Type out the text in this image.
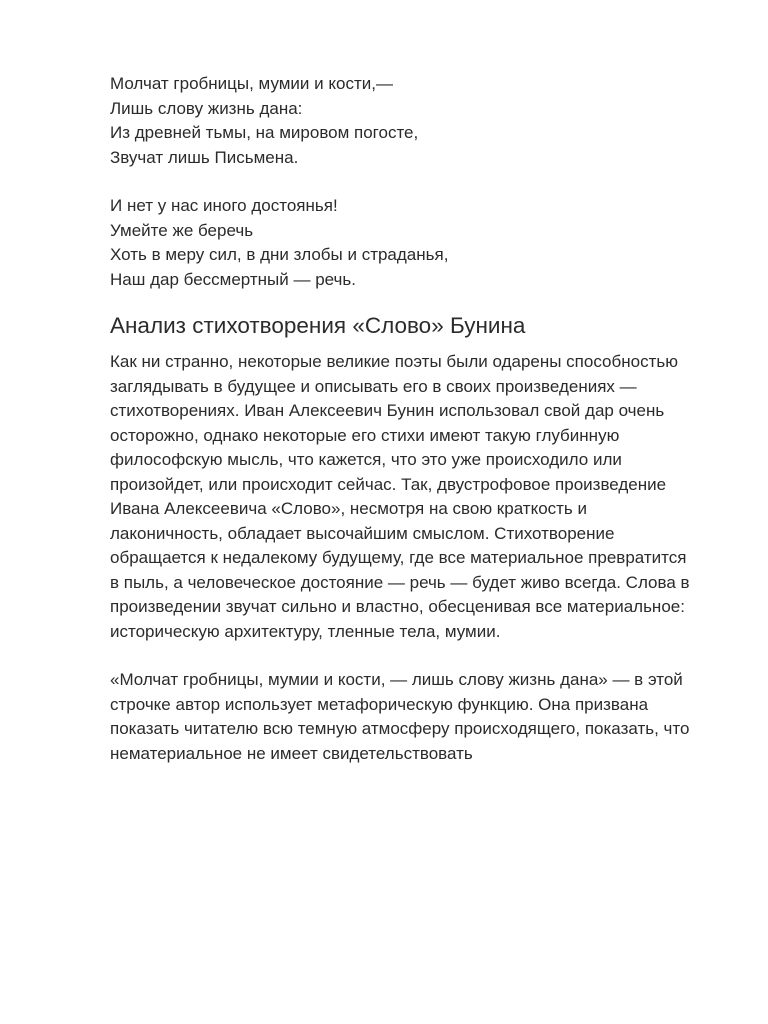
Молчат гробницы, мумии и кости,—
Лишь слову жизнь дана:
Из древней тьмы, на мировом погосте,
Звучат лишь Письмена.

И нет у нас иного достоянья!
Умейте же беречь
Хоть в меру сил, в дни злобы и страданья,
Наш дар бессмертный — речь.

Анализ стихотворения «Слово» Бунина

Как ни странно, некоторые великие поэты были одарены способностью
заглядывать в будущее и описывать его в своих произведениях —
стихотворениях. Иван Алексеевич Бунин использовал свой дар очень
осторожно, однако некоторые его стихи имеют такую глубинную
философскую мысль, что кажется, что это уже происходило или
произойдет, или происходит сейчас. Так, двустрофовое произведение
Ивана Алексеевича «Слово», несмотря на свою краткость и
лаконичность, обладает высочайшим смыслом. Стихотворение
обращается к недалекому будущему, где все материальное превратится
в пыль, а человеческое достояние — речь — будет живо всегда. Слова в
произведении звучат сильно и властно, обесценивая все материальное:
историческую архитектуру, тленные тела, мумии.

«Молчат гробницы, мумии и кости, — лишь слову жизнь дана» — в этой
строчке автор использует метафорическую функцию. Она призвана
показать читателю всю темную атмосферу происходящего, показать, что
нематериальное не имеет свидетельствовать
